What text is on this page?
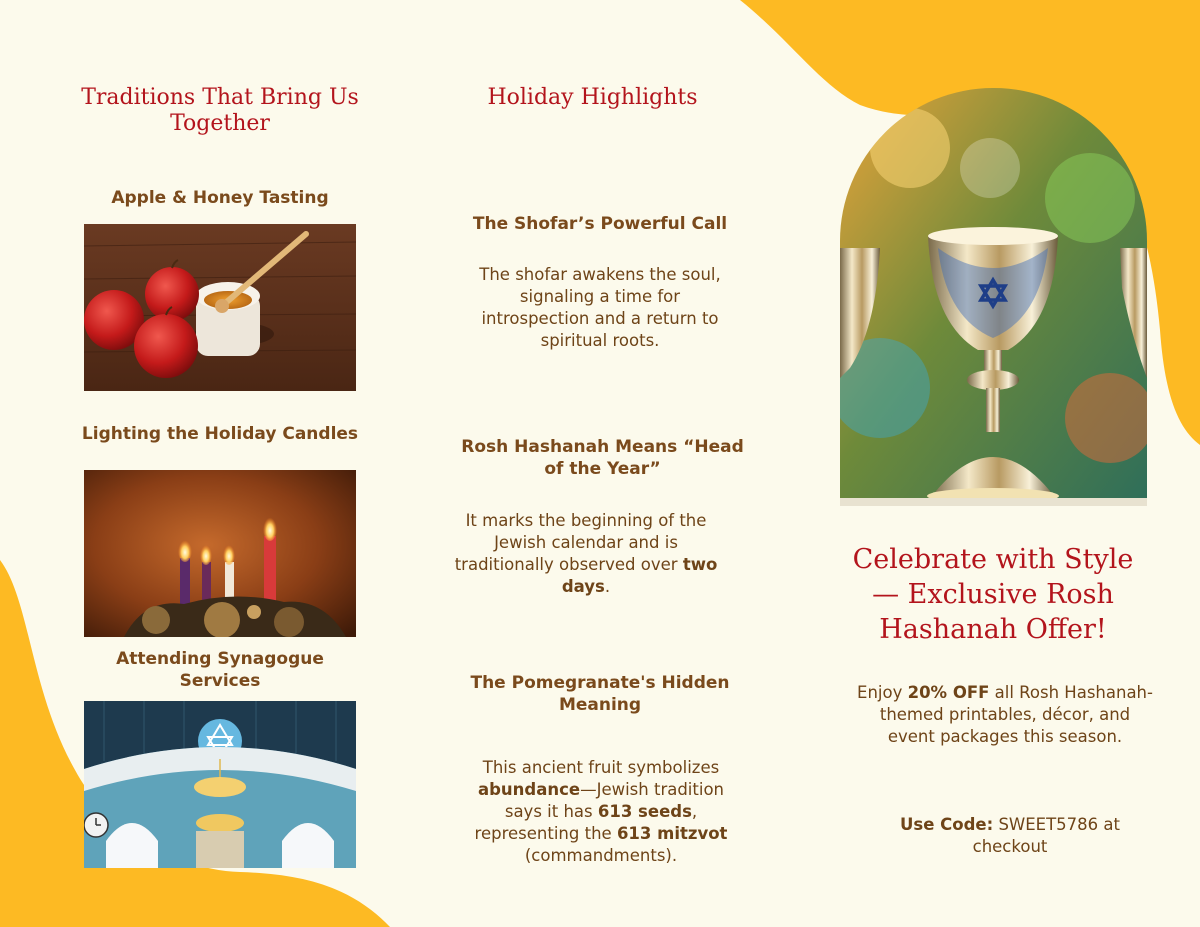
Traditions That Bring Us Together
Apple & Honey Tasting
Lighting the Holiday Candles
Attending Synagogue Services
Holiday Highlights
The Shofar’s Powerful Call

The shofar awakens the soul, signaling a time for introspection and a return to spiritual roots.

Rosh Hashanah Means “Head of the Year”

It marks the beginning of the Jewish calendar and is traditionally observed over two days.

The Pomegranate's Hidden Meaning

This ancient fruit symbolizes abundance—Jewish tradition says it has 613 seeds, representing the 613 mitzvot (commandments).

Celebrate with Style — Exclusive Rosh Hashanah Offer!

Enjoy 20% OFF all Rosh Hashanah-themed printables, décor, and event packages this season.

Use Code: SWEET5786 at checkout
